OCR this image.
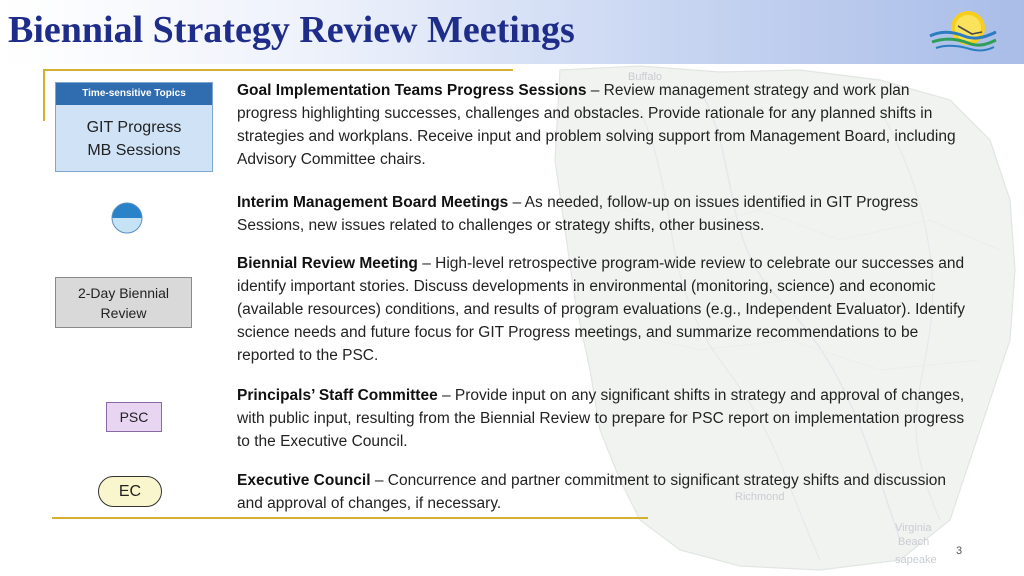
Buffalo
Richmond
Virginia
Beach
sapeake
Biennial Strategy Review Meetings
Time-sensitive Topics
GIT Progress
MB Sessions
2-Day Biennial
Review
PSC
EC
Goal Implementation Teams Progress Sessions – Review management strategy and work plan progress highlighting successes, challenges and obstacles. Provide rationale for any planned shifts in strategies and workplans. Receive input and problem solving support from Management Board, including Advisory Committee chairs.
Interim Management Board Meetings – As needed, follow-up on issues identified in GIT Progress Sessions, new issues related to challenges or strategy shifts, other business.
Biennial Review Meeting – High-level retrospective program-wide review to celebrate our successes and identify important stories. Discuss developments in environmental (monitoring, science) and economic (available resources) conditions, and results of program evaluations (e.g., Independent Evaluator). Identify science needs and future focus for GIT Progress meetings, and summarize recommendations to be reported to the PSC.
Principals’ Staff Committee – Provide input on any significant shifts in strategy and approval of changes, with public input, resulting from the Biennial Review to prepare for PSC report on implementation progress to the Executive Council.
Executive Council – Concurrence and partner commitment to significant strategy shifts and discussion and approval of changes, if necessary.
3
